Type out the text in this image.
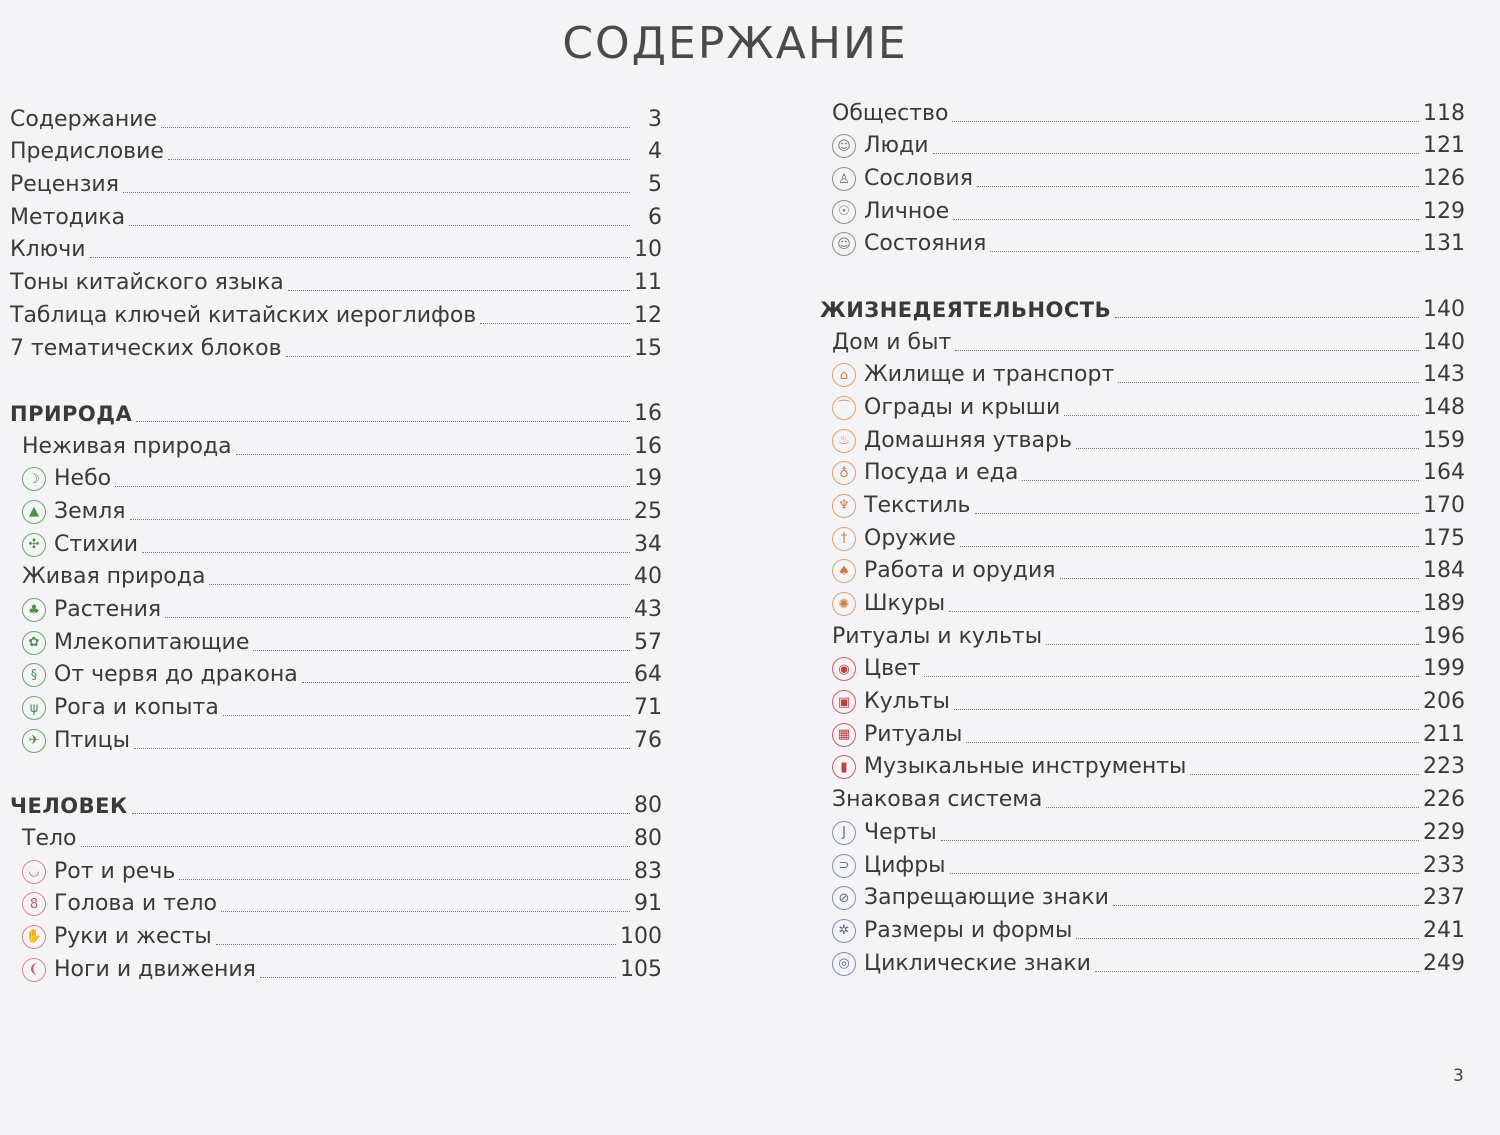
СОДЕРЖАНИЕ
Содержание	3
Предисловие	4
Рецензия	5
Методика	6
Ключи	10
Тоны китайского языка	11
Таблица ключей китайских иероглифов	12
7 тематических блоков	15
ПРИРОДА	16
Неживая природа	16
☽ Небо	19
▲ Земля	25
✣ Стихии	34
Живая природа	40
♣ Растения	43
✿ Млекопитающие	57
§ От червя до дракона	64
ψ Рога и копыта	71
✈ Птицы	76
ЧЕЛОВЕК	80
Тело	80
◡ Рот и речь	83
8 Голова и тело	91
✋ Руки и жесты	100
❨ Ноги и движения	105
Общество	118
☺ Люди	121
♙ Сословия	126
☉ Личное	129
☺ Состояния	131
ЖИЗНЕДЕЯТЕЛЬНОСТЬ	140
Дом и быт	140
⌂ Жилище и транспорт	143
⌒ Ограды и крыши	148
♨ Домашняя утварь	159
♁ Посуда и еда	164
♆ Текстиль	170
† Оружие	175
♠ Работа и орудия	184
✺ Шкуры	189
Ритуалы и культы	196
◉ Цвет	199
▣ Культы	206
▦ Ритуалы	211
▮ Музыкальные инструменты	223
Знаковая система	226
J Черты	229
⊃ Цифры	233
⊘ Запрещающие знаки	237
✲ Размеры и формы	241
◎ Циклические знаки	249
3
